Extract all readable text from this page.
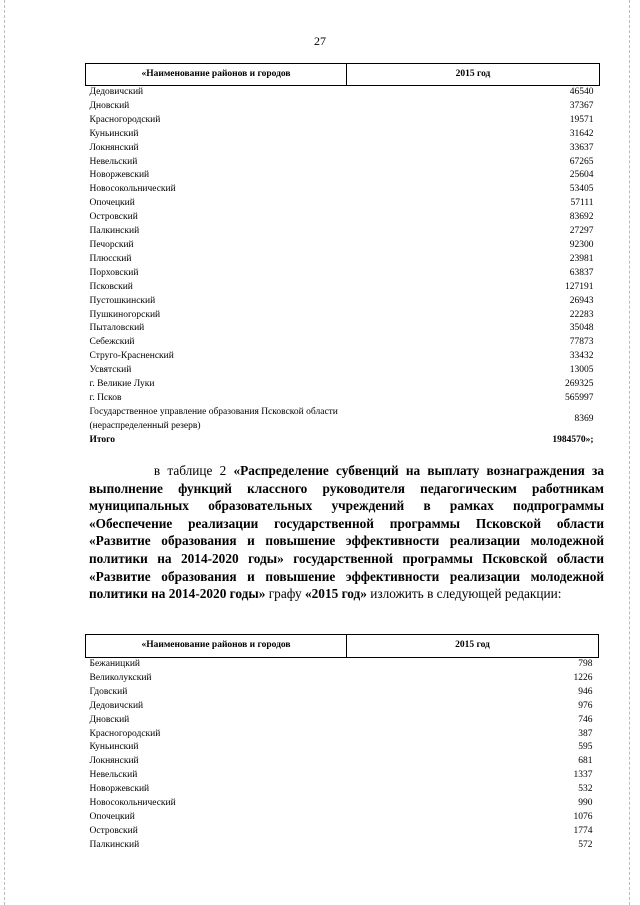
27
«Наименование районов и городов	2015 год
Дедовичский	46540
Дновский	37367
Красногородский	19571
Куньинский	31642
Локнянский	33637
Невельский	67265
Новоржевский	25604
Новосокольнический	53405
Опочецкий	57111
Островский	83692
Палкинский	27297
Печорский	92300
Плюсский	23981
Порховский	63837
Псковский	127191
Пустошкинский	26943
Пушкиногорский	22283
Пыталовский	35048
Себежский	77873
Струго-Красненский	33432
Усвятский	13005
г. Великие Луки	269325
г. Псков	565997
Государственное управление образования Псковской области (нераспределенный резерв)	8369
Итого	1984570»;
в таблице 2 «Распределение субвенций на выплату вознаграждения за выполнение функций классного руководителя педагогическим работникам муниципальных образовательных учреждений в рамках подпрограммы «Обеспечение реализации государственной программы Псковской области «Развитие образования и повышение эффективности реализации молодежной политики на 2014-2020 годы» государственной программы Псковской области «Развитие образования и повышение эффективности реализации молодежной политики на 2014-2020 годы» графу «2015 год» изложить в следующей редакции:
«Наименование районов и городов	2015 год
Бежаницкий	798
Великолукский	1226
Гдовский	946
Дедовичский	976
Дновский	746
Красногородский	387
Куньинский	595
Локнянский	681
Невельский	1337
Новоржевский	532
Новосокольнический	990
Опочецкий	1076
Островский	1774
Палкинский	572
